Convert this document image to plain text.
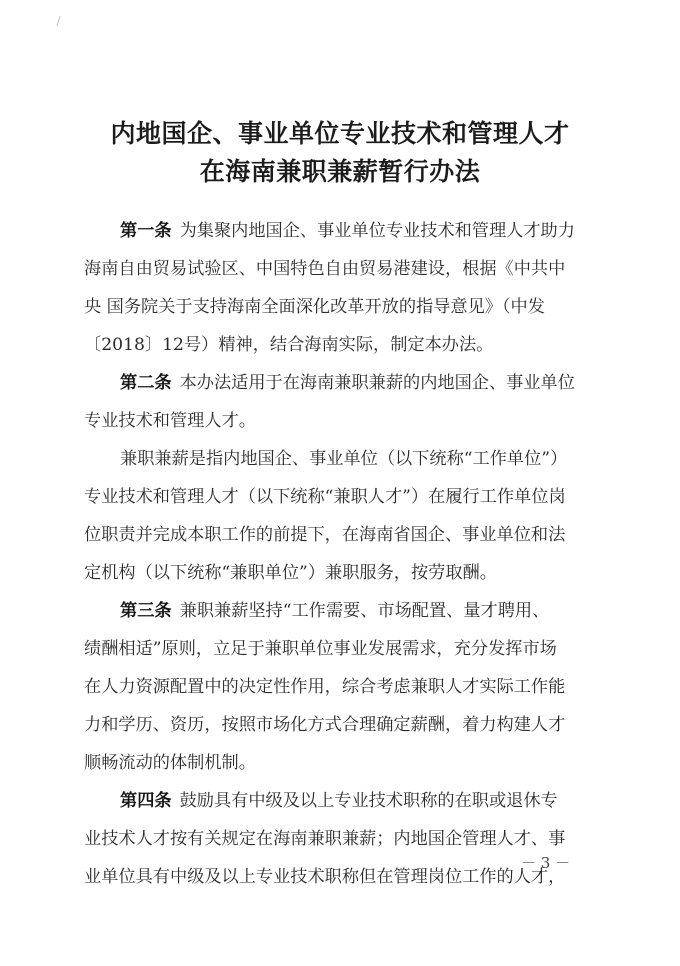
内地国企、事业单位专业技术和管理人才
在海南兼职兼薪暂行办法
第一条 为集聚内地国企、事业单位专业技术和管理人才助力
海南自由贸易试验区、中国特色自由贸易港建设，根据《中共中
央 国务院关于支持海南全面深化改革开放的指导意见》（中发
〔2018〕12号）精神，结合海南实际，制定本办法。
第二条 本办法适用于在海南兼职兼薪的内地国企、事业单位
专业技术和管理人才。
兼职兼薪是指内地国企、事业单位（以下统称“工作单位”）
专业技术和管理人才（以下统称“兼职人才”）在履行工作单位岗
位职责并完成本职工作的前提下，在海南省国企、事业单位和法
定机构（以下统称“兼职单位”）兼职服务，按劳取酬。
第三条 兼职兼薪坚持“工作需要、市场配置、量才聘用、
绩酬相适”原则，立足于兼职单位事业发展需求，充分发挥市场
在人力资源配置中的决定性作用，综合考虑兼职人才实际工作能
力和学历、资历，按照市场化方式合理确定薪酬，着力构建人才
顺畅流动的体制机制。
第四条 鼓励具有中级及以上专业技术职称的在职或退休专
业技术人才按有关规定在海南兼职兼薪；内地国企管理人才、事
业单位具有中级及以上专业技术职称但在管理岗位工作的人才，
－ 3 －
